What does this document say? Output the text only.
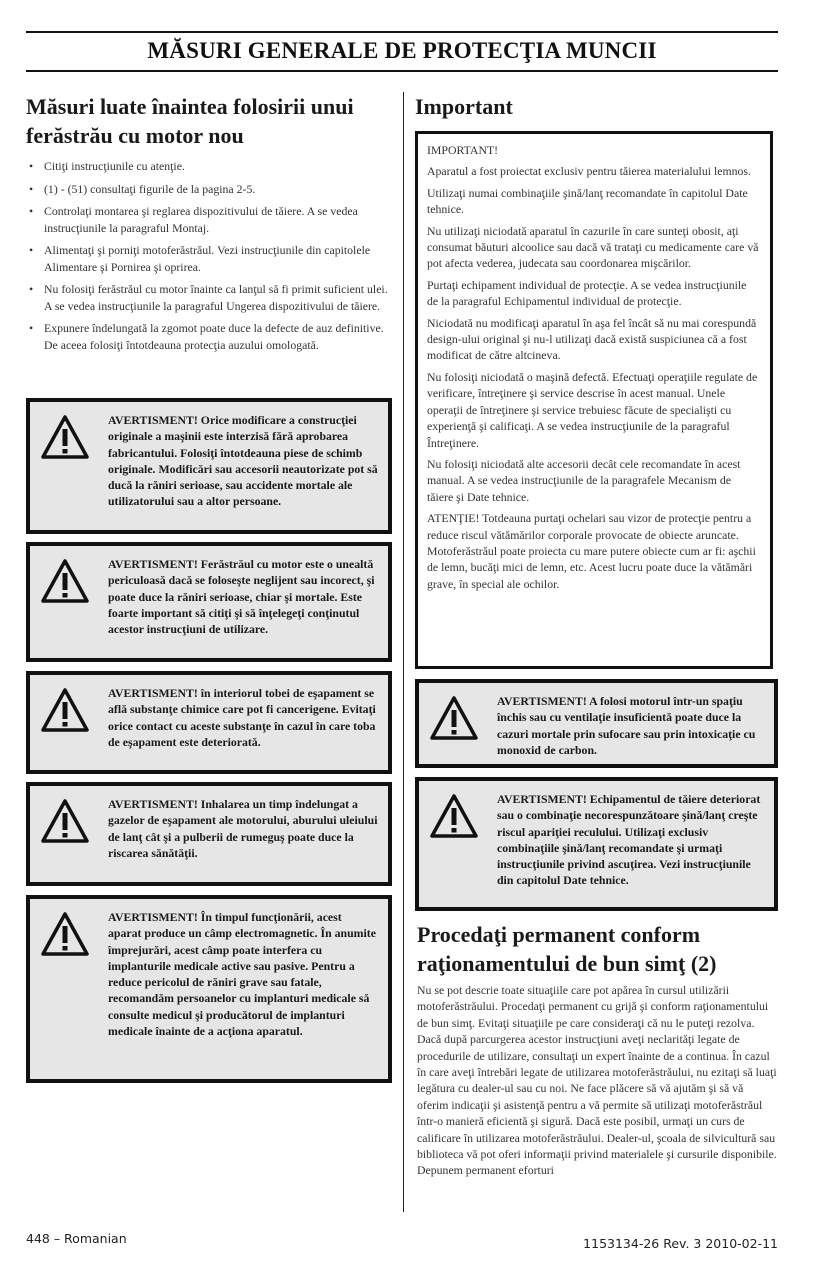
MĂSURI GENERALE DE PROTECŢIA MUNCII
Măsuri luate înaintea folosirii unui ferăstrău cu motor nou
• Citiţi instrucţiunile cu atenţie.
• (1) - (51) consultaţi figurile de la pagina 2-5.
• Controlaţi montarea şi reglarea dispozitivului de tăiere. A se vedea instrucţiunile la paragraful Montaj.
• Alimentaţi şi porniţi motoferăstrăul. Vezi instrucţiunile din capitolele Alimentare şi Pornirea şi oprirea.
• Nu folosiţi ferăstrăul cu motor înainte ca lanţul să fi primit suficient ulei. A se vedea instrucţiunile la paragraful Ungerea dispozitivului de tăiere.
• Expunere îndelungată la zgomot poate duce la defecte de auz definitive. De aceea folosiţi întotdeauna protecţia auzului omologată.
AVERTISMENT! Orice modificare a construcţiei originale a maşinii este interzisă fără aprobarea fabricantului. Folosiţi întotdeauna piese de schimb originale. Modificări sau accesorii neautorizate pot să ducă la răniri serioase, sau accidente mortale ale utilizatorului sau a altor persoane.
AVERTISMENT! Ferăstrăul cu motor este o unealtă periculoasă dacă se foloseşte neglijent sau incorect, şi poate duce la răniri serioase, chiar şi mortale. Este foarte important să citiţi şi să înţelegeţi conţinutul acestor instrucţiuni de utilizare.
AVERTISMENT! în interiorul tobei de eşapament se află substanţe chimice care pot fi cancerigene. Evitaţi orice contact cu aceste substanţe în cazul în care toba de eşapament este deteriorată.
AVERTISMENT! Inhalarea un timp îndelungat a gazelor de eşapament ale motorului, aburului uleiului de lanţ cât şi a pulberii de rumeguş poate duce la riscarea sănătăţii.
AVERTISMENT! În timpul funcţionării, acest aparat produce un câmp electromagnetic. În anumite împrejurări, acest câmp poate interfera cu implanturile medicale active sau pasive. Pentru a reduce pericolul de răniri grave sau fatale, recomandăm persoanelor cu implanturi medicale să consulte medicul şi producătorul de implanturi medicale înainte de a acţiona aparatul.
Important

IMPORTANT!

Aparatul a fost proiectat exclusiv pentru tăierea materialului lemnos.

Utilizaţi numai combinaţiile şină/lanţ recomandate în capitolul Date tehnice.

Nu utilizaţi niciodată aparatul în cazurile în care sunteţi obosit, aţi consumat băuturi alcoolice sau dacă vă trataţi cu medicamente care vă pot afecta vederea, judecata sau coordonarea mişcărilor.

Purtaţi echipament individual de protecţie. A se vedea instrucţiunile de la paragraful Echipamentul individual de protecţie.

Niciodată nu modificaţi aparatul în aşa fel încât să nu mai corespundă design-ului original şi nu-l utilizaţi dacă există suspiciunea că a fost modificat de către altcineva.

Nu folosiţi niciodată o maşină defectă. Efectuaţi operaţiile regulate de verificare, întreţinere şi service descrise în acest manual. Unele operaţii de întreţinere şi service trebuiesc făcute de specialişti cu experienţă şi calificaţi. A se vedea instrucţiunile de la paragraful Întreţinere.

Nu folosiţi niciodată alte accesorii decât cele recomandate în acest manual. A se vedea instrucţiunile de la paragrafele Mecanism de tăiere şi Date tehnice.

ATENŢIE! Totdeauna purtaţi ochelari sau vizor de protecţie pentru a reduce riscul vătămărilor corporale provocate de obiecte aruncate. Motoferăstrăul poate proiecta cu mare putere obiecte cum ar fi: aşchii de lemn, bucăţi mici de lemn, etc. Acest lucru poate duce la vătămări grave, în special ale ochilor.

AVERTISMENT! A folosi motorul într-un spaţiu închis sau cu ventilaţie insuficientă poate duce la cazuri mortale prin sufocare sau prin intoxicaţie cu monoxid de carbon.
AVERTISMENT! Echipamentul de tăiere deteriorat sau o combinaţie necorespunzătoare şină/lanţ creşte riscul apariţiei reculului. Utilizaţi exclusiv combinaţiile şină/lanţ recomandate şi urmaţi instrucţiunile privind ascuţirea. Vezi instrucţiunile din capitolul Date tehnice.
Procedaţi permanent conform raţionamentului de bun simţ (2)

Nu se pot descrie toate situaţiile care pot apărea în cursul utilizării motoferăstrăului. Procedaţi permanent cu grijă şi conform raţionamentului de bun simţ. Evitaţi situaţiile pe care consideraţi că nu le puteţi rezolva. Dacă după parcurgerea acestor instrucţiuni aveţi neclarităţi legate de procedurile de utilizare, consultaţi un expert înainte de a continua. În cazul în care aveţi întrebări legate de utilizarea motoferăstrăului, nu ezitaţi să luaţi legătura cu dealer-ul sau cu noi. Ne face plăcere să vă ajutăm şi să vă oferim indicaţii şi asistenţă pentru a vă permite să utilizaţi motoferăstrăul într-o manieră eficientă şi sigură. Dacă este posibil, urmaţi un curs de calificare în utilizarea motoferăstrăului. Dealer-ul, şcoala de silvicultură sau biblioteca vă pot oferi informaţii privind materialele şi cursurile disponibile. Depunem permanent eforturi

448 – Romanian	1153134-26 Rev. 3 2010-02-11
